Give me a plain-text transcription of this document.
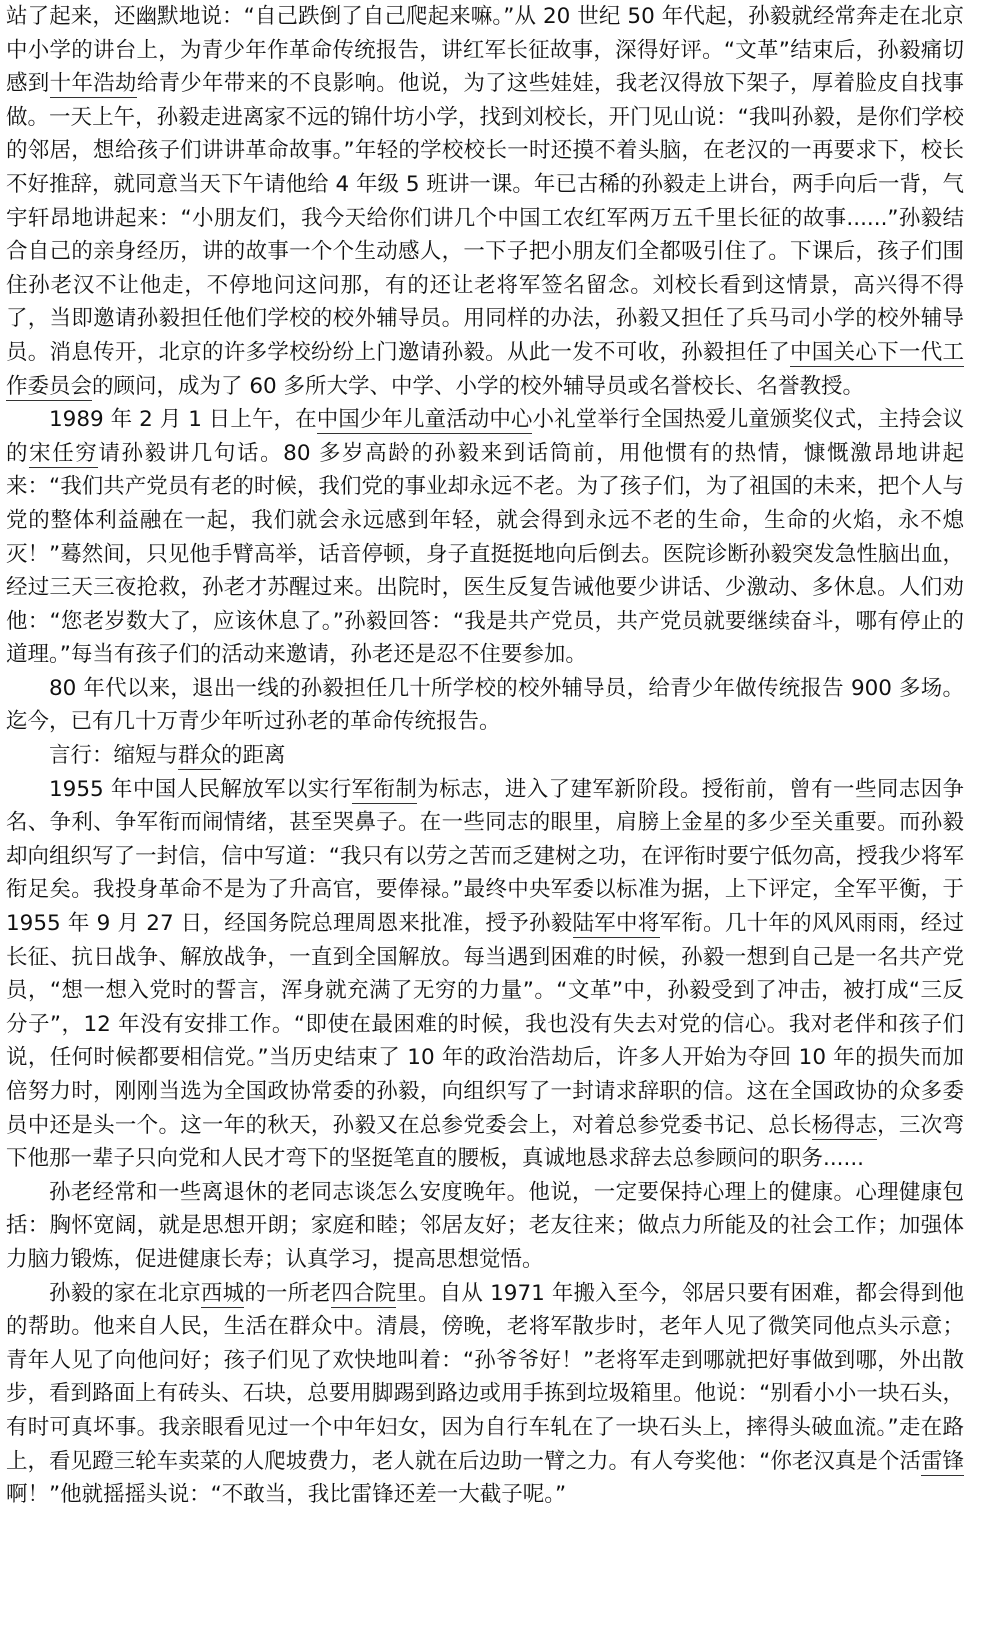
站了起来，还幽默地说：“自己跌倒了自己爬起来嘛。”从 20 世纪 50 年代起，孙毅就经常奔走在北京中小学的讲台上，为青少年作革命传统报告，讲红军长征故事，深得好评。“文革”结束后，孙毅痛切感到十年浩劫给青少年带来的不良影响。他说，为了这些娃娃，我老汉得放下架子，厚着脸皮自找事做。一天上午，孙毅走进离家不远的锦什坊小学，找到刘校长，开门见山说：“我叫孙毅，是你们学校的邻居，想给孩子们讲讲革命故事。”年轻的学校校长一时还摸不着头脑，在老汉的一再要求下，校长不好推辞，就同意当天下午请他给 4 年级 5 班讲一课。年已古稀的孙毅走上讲台，两手向后一背，气宇轩昂地讲起来：“小朋友们，我今天给你们讲几个中国工农红军两万五千里长征的故事......”孙毅结合自己的亲身经历，讲的故事一个个生动感人，一下子把小朋友们全都吸引住了。下课后，孩子们围住孙老汉不让他走，不停地问这问那，有的还让老将军签名留念。刘校长看到这情景，高兴得不得了，当即邀请孙毅担任他们学校的校外辅导员。用同样的办法，孙毅又担任了兵马司小学的校外辅导员。消息传开，北京的许多学校纷纷上门邀请孙毅。从此一发不可收，孙毅担任了中国关心下一代工作委员会的顾问，成为了 60 多所大学、中学、小学的校外辅导员或名誉校长、名誉教授。

1989 年 2 月 1 日上午，在中国少年儿童活动中心小礼堂举行全国热爱儿童颁奖仪式，主持会议的宋任穷请孙毅讲几句话。80 多岁高龄的孙毅来到话筒前，用他惯有的热情，慷慨激昂地讲起来：“我们共产党员有老的时候，我们党的事业却永远不老。为了孩子们，为了祖国的未来，把个人与党的整体利益融在一起，我们就会永远感到年轻，就会得到永远不老的生命，生命的火焰，永不熄灭！”蓦然间，只见他手臂高举，话音停顿，身子直挺挺地向后倒去。医院诊断孙毅突发急性脑出血，经过三天三夜抢救，孙老才苏醒过来。出院时，医生反复告诫他要少讲话、少激动、多休息。人们劝他：“您老岁数大了，应该休息了。”孙毅回答：“我是共产党员，共产党员就要继续奋斗，哪有停止的道理。”每当有孩子们的活动来邀请，孙老还是忍不住要参加。

80 年代以来，退出一线的孙毅担任几十所学校的校外辅导员，给青少年做传统报告 900 多场。迄今，已有几十万青少年听过孙老的革命传统报告。

言行：缩短与群众的距离

1955 年中国人民解放军以实行军衔制为标志，进入了建军新阶段。授衔前，曾有一些同志因争名、争利、争军衔而闹情绪，甚至哭鼻子。在一些同志的眼里，肩膀上金星的多少至关重要。而孙毅却向组织写了一封信，信中写道：“我只有以劳之苦而乏建树之功，在评衔时要宁低勿高，授我少将军衔足矣。我投身革命不是为了升高官，要俸禄。”最终中央军委以标准为据，上下评定，全军平衡，于 1955 年 9 月 27 日，经国务院总理周恩来批准，授予孙毅陆军中将军衔。几十年的风风雨雨，经过长征、抗日战争、解放战争，一直到全国解放。每当遇到困难的时候，孙毅一想到自己是一名共产党员，“想一想入党时的誓言，浑身就充满了无穷的力量”。“文革”中，孙毅受到了冲击，被打成“三反分子”，12 年没有安排工作。“即使在最困难的时候，我也没有失去对党的信心。我对老伴和孩子们说，任何时候都要相信党。”当历史结束了 10 年的政治浩劫后，许多人开始为夺回 10 年的损失而加倍努力时，刚刚当选为全国政协常委的孙毅，向组织写了一封请求辞职的信。这在全国政协的众多委员中还是头一个。这一年的秋天，孙毅又在总参党委会上，对着总参党委书记、总长杨得志，三次弯下他那一辈子只向党和人民才弯下的坚挺笔直的腰板，真诚地恳求辞去总参顾问的职务......

孙老经常和一些离退休的老同志谈怎么安度晚年。他说，一定要保持心理上的健康。心理健康包括：胸怀宽阔，就是思想开朗；家庭和睦；邻居友好；老友往来；做点力所能及的社会工作；加强体力脑力锻炼，促进健康长寿；认真学习，提高思想觉悟。

孙毅的家在北京西城的一所老四合院里。自从 1971 年搬入至今，邻居只要有困难，都会得到他的帮助。他来自人民，生活在群众中。清晨，傍晚，老将军散步时，老年人见了微笑同他点头示意；青年人见了向他问好；孩子们见了欢快地叫着：“孙爷爷好！”老将军走到哪就把好事做到哪，外出散步，看到路面上有砖头、石块，总要用脚踢到路边或用手拣到垃圾箱里。他说：“别看小小一块石头，有时可真坏事。我亲眼看见过一个中年妇女，因为自行车轧在了一块石头上，摔得头破血流。”走在路上，看见蹬三轮车卖菜的人爬坡费力，老人就在后边助一臂之力。有人夸奖他：“你老汉真是个活雷锋啊！”他就摇摇头说：“不敢当，我比雷锋还差一大截子呢。”
